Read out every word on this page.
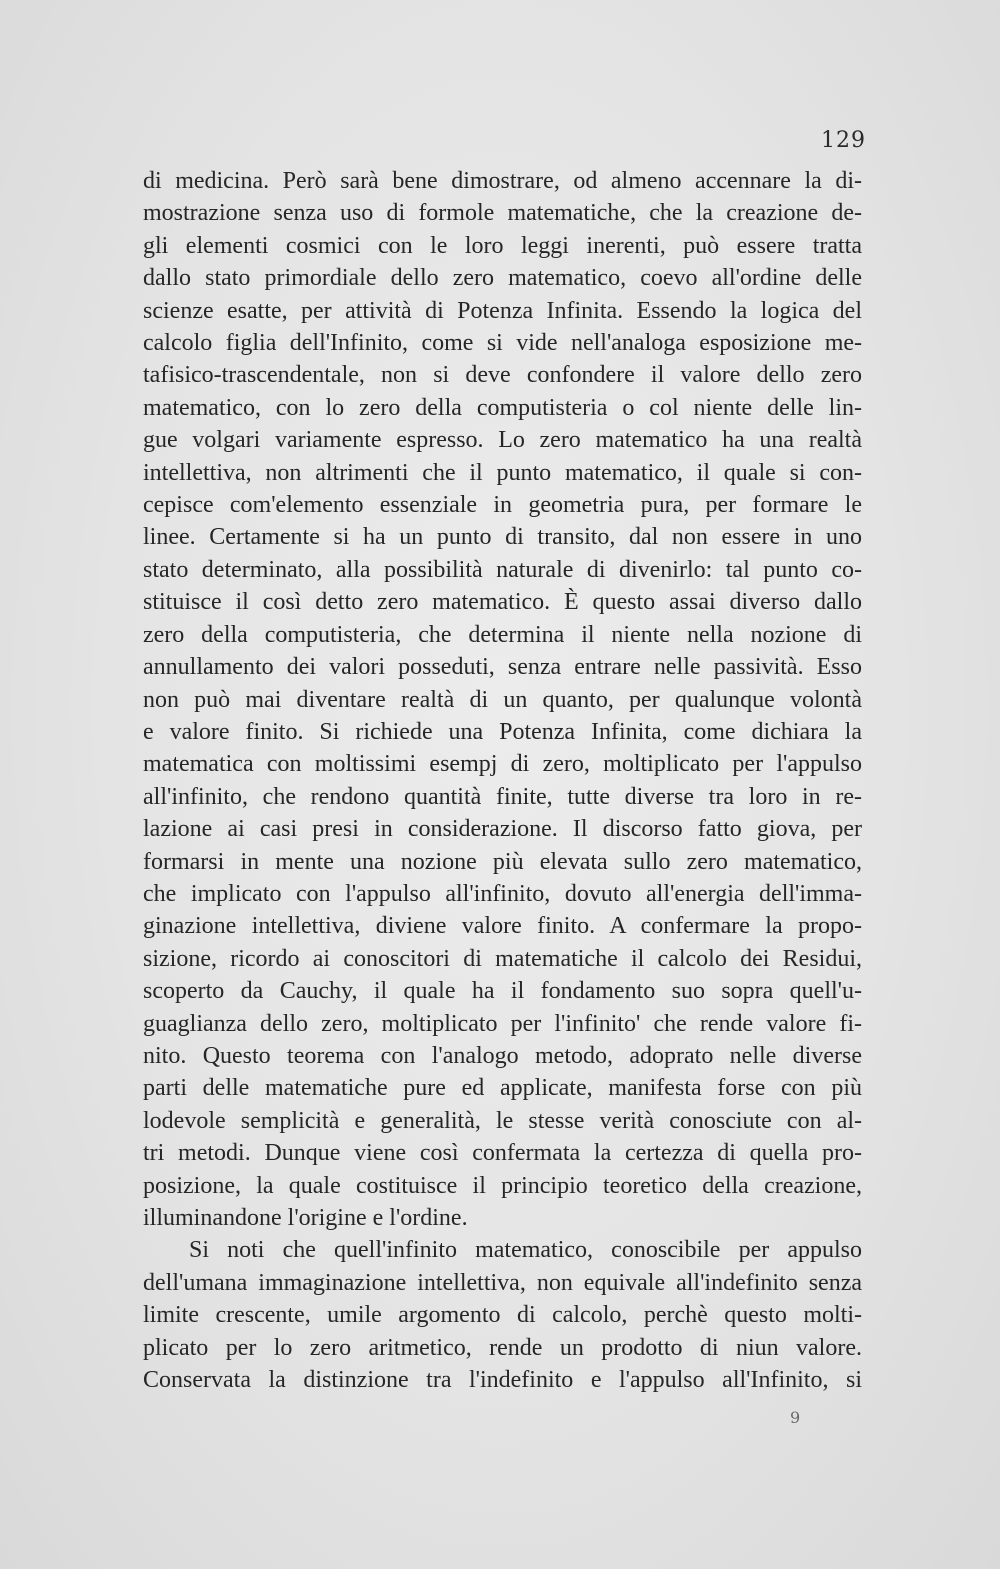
129
di medicina. Però sarà bene dimostrare, od almeno accennare la di-
mostrazione senza uso di formole matematiche, che la creazione de-
gli elementi cosmici con le loro leggi inerenti, può essere tratta
dallo stato primordiale dello zero matematico, coevo all'ordine delle
scienze esatte, per attività di Potenza Infinita. Essendo la logica del
calcolo figlia dell'Infinito, come si vide nell'analoga esposizione me-
tafisico-trascendentale, non si deve confondere il valore dello zero
matematico, con lo zero della computisteria o col niente delle lin-
gue volgari variamente espresso. Lo zero matematico ha una realtà
intellettiva, non altrimenti che il punto matematico, il quale si con-
cepisce com'elemento essenziale in geometria pura, per formare le
linee. Certamente si ha un punto di transito, dal non essere in uno
stato determinato, alla possibilità naturale di divenirlo: tal punto co-
stituisce il così detto zero matematico. È questo assai diverso dallo
zero della computisteria, che determina il niente nella nozione di
annullamento dei valori posseduti, senza entrare nelle passività. Esso
non può mai diventare realtà di un quanto, per qualunque volontà
e valore finito. Si richiede una Potenza Infinita, come dichiara la
matematica con moltissimi esempj di zero, moltiplicato per l'appulso
all'infinito, che rendono quantità finite, tutte diverse tra loro in re-
lazione ai casi presi in considerazione. Il discorso fatto giova, per
formarsi in mente una nozione più elevata sullo zero matematico,
che implicato con l'appulso all'infinito, dovuto all'energia dell'imma-
ginazione intellettiva, diviene valore finito. A confermare la propo-
sizione, ricordo ai conoscitori di matematiche il calcolo dei Residui,
scoperto da Cauchy, il quale ha il fondamento suo sopra quell'u-
guaglianza dello zero, moltiplicato per l'infinito' che rende valore fi-
nito. Questo teorema con l'analogo metodo, adoprato nelle diverse
parti delle matematiche pure ed applicate, manifesta forse con più
lodevole semplicità e generalità, le stesse verità conosciute con al-
tri metodi. Dunque viene così confermata la certezza di quella pro-
posizione, la quale costituisce il principio teoretico della creazione,
illuminandone l'origine e l'ordine.
Si noti che quell'infinito matematico, conoscibile per appulso
dell'umana immaginazione intellettiva, non equivale all'indefinito senza
limite crescente, umile argomento di calcolo, perchè questo molti-
plicato per lo zero aritmetico, rende un prodotto di niun valore.
Conservata la distinzione tra l'indefinito e l'appulso all'Infinito, si
9
